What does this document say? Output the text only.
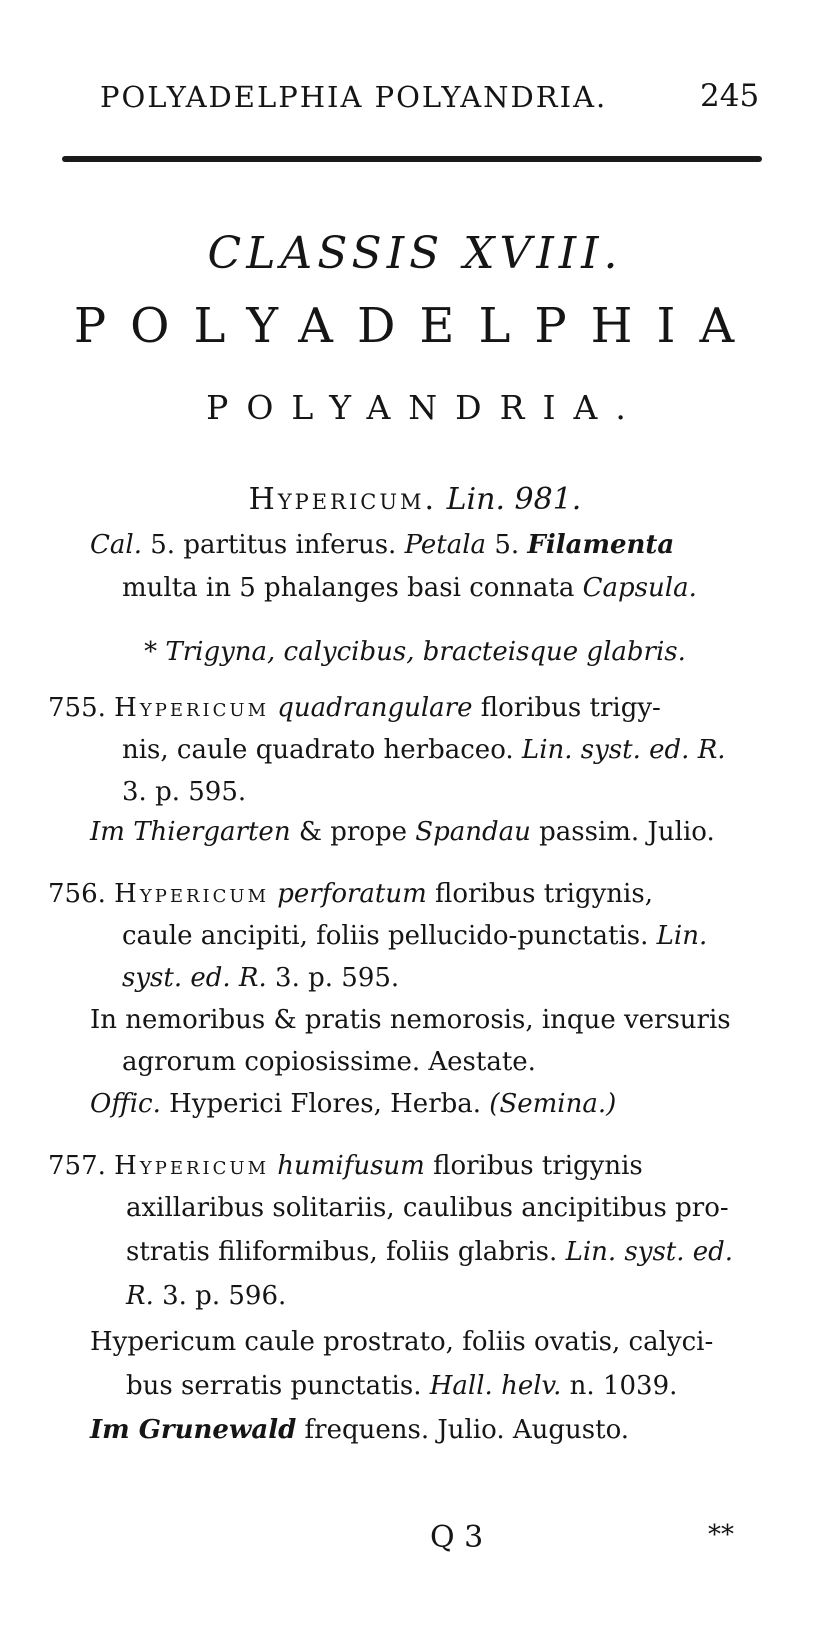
POLYADELPHIA POLYANDRIA.	245
CLASSIS XVIII.
POLYADELPHIA
POLYANDRIA.
Hypericum. Lin. 981.
Cal. 5. partitus inferus. Petala 5. Filamenta
multa in 5 phalanges basi connata Capsula.
* Trigyna, calycibus, bracteisque glabris.
755. Hypericum quadrangulare floribus trigy-
nis, caule quadrato herbaceo. Lin. syst. ed. R.
3. p. 595.
Im Thiergarten & prope Spandau passim. Julio.
756. Hypericum perforatum floribus trigynis,
caule ancipiti, foliis pellucido-punctatis. Lin.
syst. ed. R. 3. p. 595.
In nemoribus & pratis nemorosis, inque versuris
agrorum copiosissime. Aestate.
Offic. Hyperici Flores, Herba. (Semina.)
757. Hypericum humifusum floribus trigynis
axillaribus solitariis, caulibus ancipitibus pro-
stratis filiformibus, foliis glabris. Lin. syst. ed.
R. 3. p. 596.
Hypericum caule prostrato, foliis ovatis, calyci-
bus serratis punctatis. Hall. helv. n. 1039.
Im Grunewald frequens. Julio. Augusto.
Q 3	**
